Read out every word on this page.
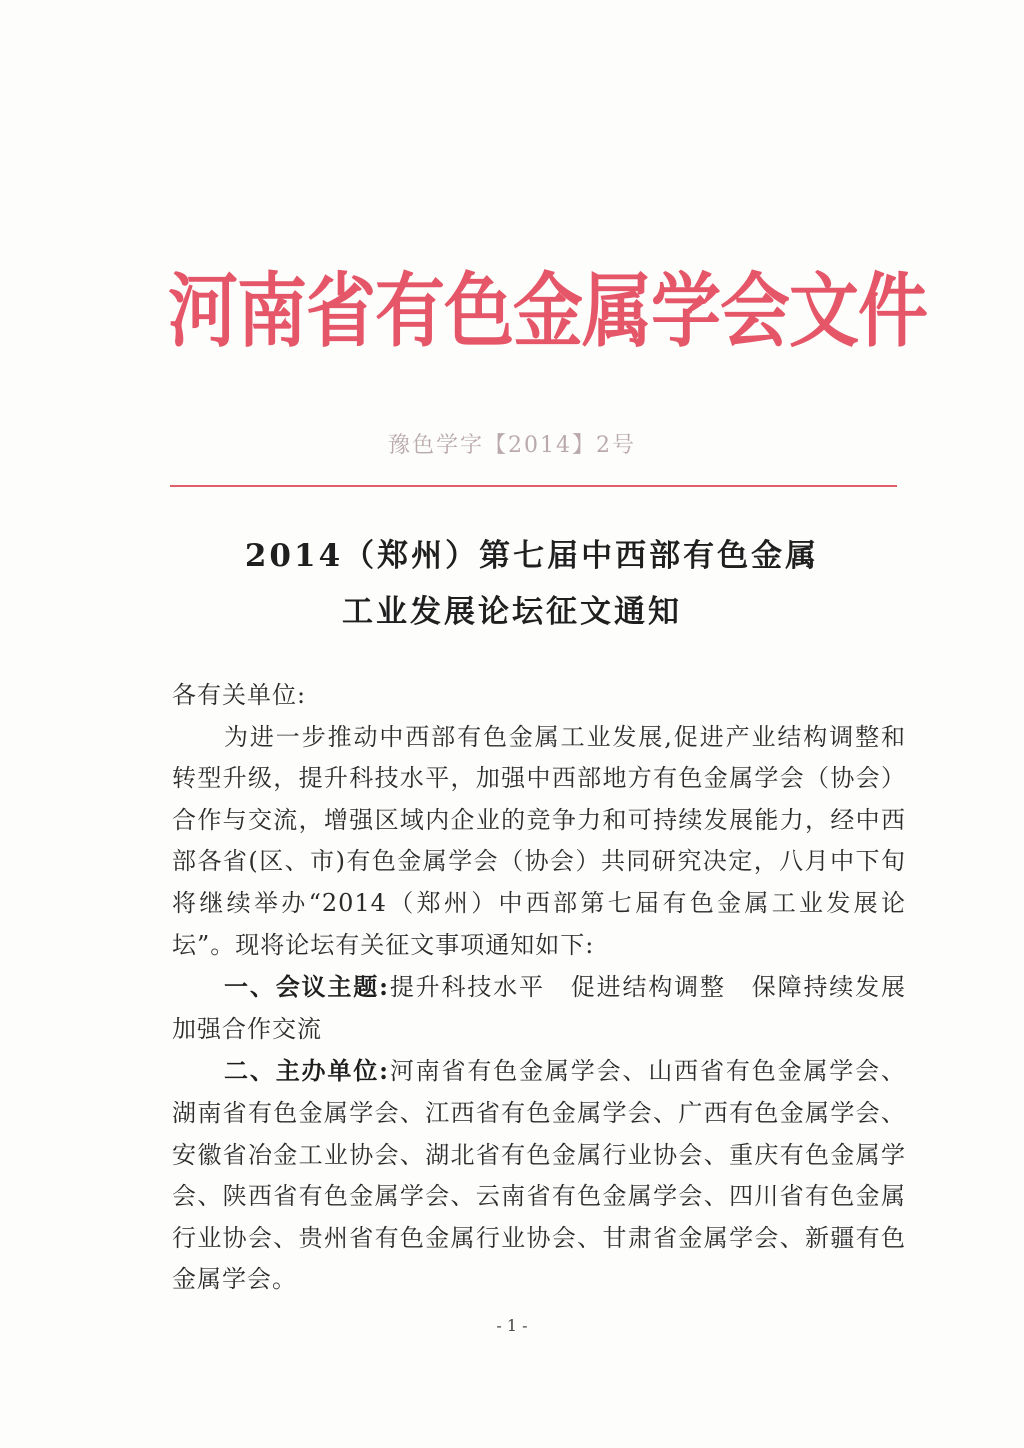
河南省有色金属学会文件
豫色学字【2014】2号
2014（郑州）第七届中西部有色金属
工业发展论坛征文通知

各有关单位:

为进一步推动中西部有色金属工业发展,促进产业结构调整和转型升级，提升科技水平，加强中西部地方有色金属学会（协会）合作与交流，增强区域内企业的竞争力和可持续发展能力，经中西部各省(区、市)有色金属学会（协会）共同研究决定，八月中下旬将继续举办“2014（郑州）中西部第七届有色金属工业发展论坛”。现将论坛有关征文事项通知如下:

一、会议主题:提升科技水平　促进结构调整　保障持续发展　加强合作交流

二、主办单位:河南省有色金属学会、山西省有色金属学会、湖南省有色金属学会、江西省有色金属学会、广西有色金属学会、安徽省冶金工业协会、湖北省有色金属行业协会、重庆有色金属学会、陕西省有色金属学会、云南省有色金属学会、四川省有色金属行业协会、贵州省有色金属行业协会、甘肃省金属学会、新疆有色金属学会。

- 1 -
